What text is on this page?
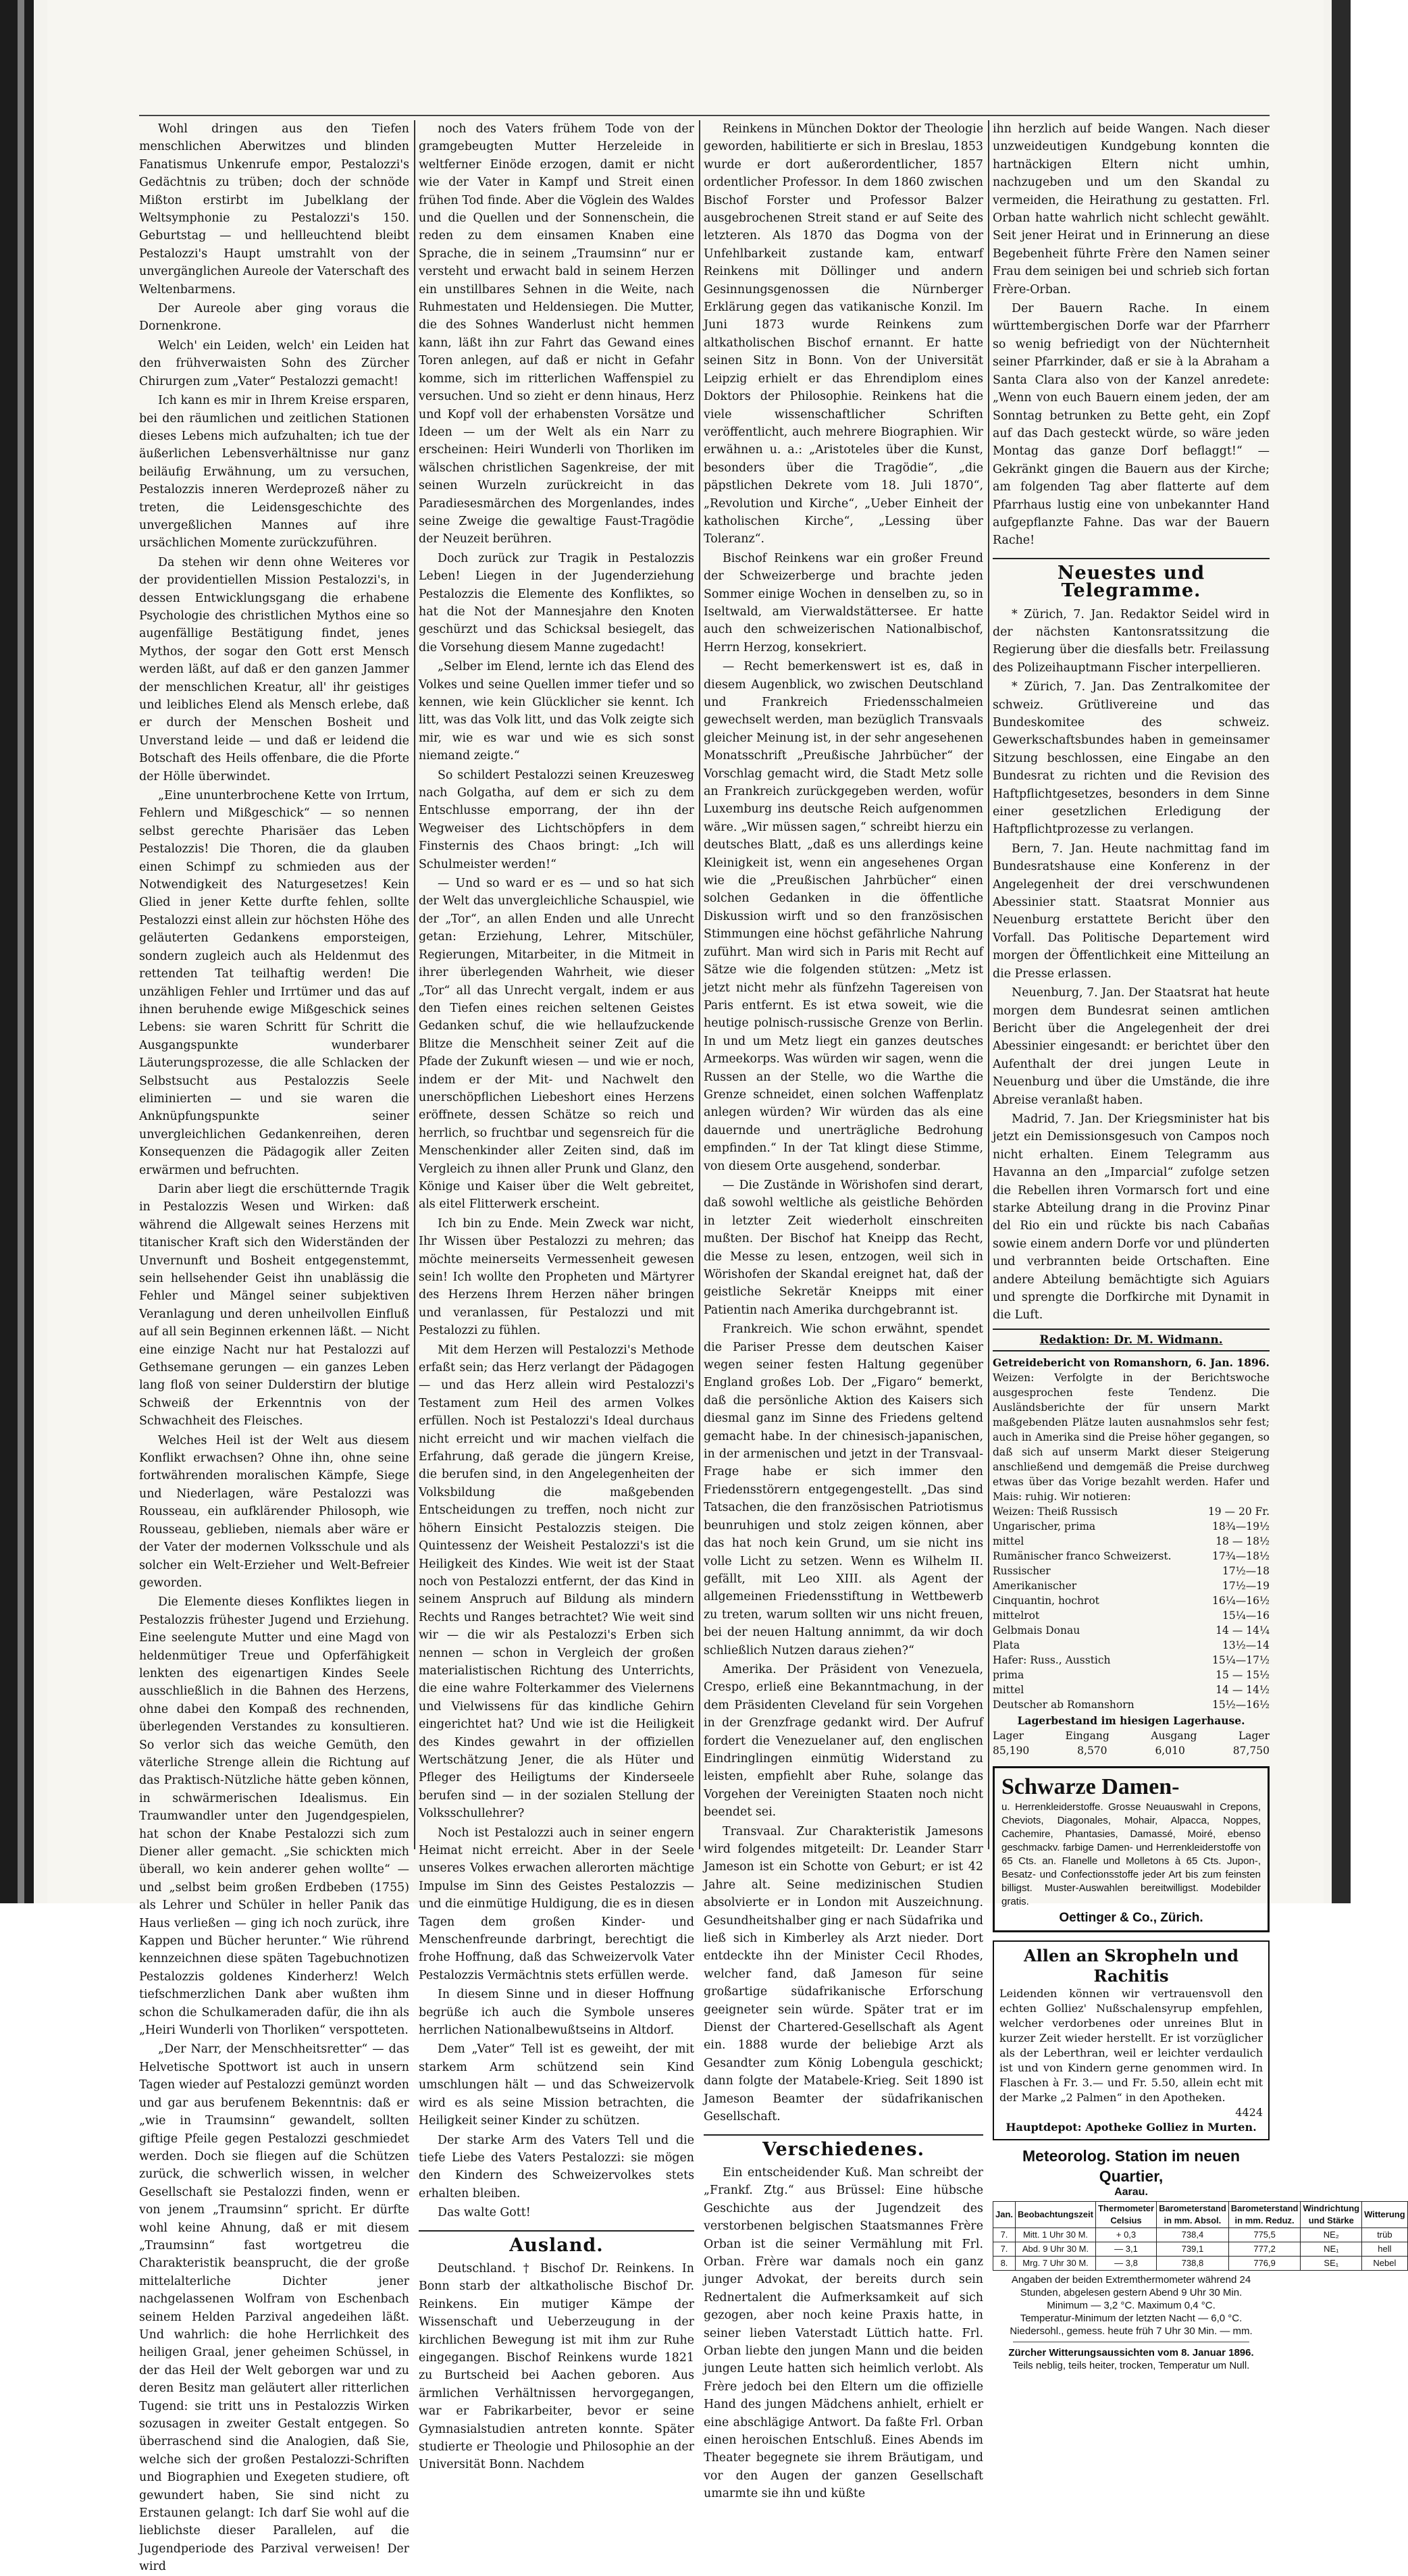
Wohl dringen aus den Tiefen menschlichen Aberwitzes und blinden Fanatismus Unkenrufe empor, Pestalozzi's Gedächtnis zu trüben; doch der schnöde Mißton erstirbt im Jubelklang der Weltsymphonie zu Pestalozzi's 150. Geburtstag — und hellleuchtend bleibt Pestalozzi's Haupt umstrahlt von der unvergänglichen Aureole der Vaterschaft des Weltenbarmens.

Der Aureole aber ging voraus die Dornenkrone.

Welch' ein Leiden, welch' ein Leiden hat den frühverwaisten Sohn des Zürcher Chirurgen zum „Vater“ Pestalozzi gemacht!

Ich kann es mir in Ihrem Kreise ersparen, bei den räumlichen und zeitlichen Stationen dieses Lebens mich aufzuhalten; ich tue der äußerlichen Lebensverhältnisse nur ganz beiläufig Erwähnung, um zu versuchen, Pestalozzis inneren Werdeprozeß näher zu treten, die Leidensgeschichte des unvergeßlichen Mannes auf ihre ursächlichen Momente zurückzuführen.

Da stehen wir denn ohne Weiteres vor der providentiellen Mission Pestalozzi's, in dessen Entwicklungsgang die erhabene Psychologie des christlichen Mythos eine so augenfällige Bestätigung findet, jenes Mythos, der sogar den Gott erst Mensch werden läßt, auf daß er den ganzen Jammer der menschlichen Kreatur, all' ihr geistiges und leibliches Elend als Mensch erlebe, daß er durch der Menschen Bosheit und Unverstand leide — und daß er leidend die Botschaft des Heils offenbare, die die Pforte der Hölle überwindet.

„Eine ununterbrochene Kette von Irrtum, Fehlern und Mißgeschick“ — so nennen selbst gerechte Pharisäer das Leben Pestalozzis! Die Thoren, die da glauben einen Schimpf zu schmieden aus der Notwendigkeit des Naturgesetzes! Kein Glied in jener Kette durfte fehlen, sollte Pestalozzi einst allein zur höchsten Höhe des geläuterten Gedankens emporsteigen, sondern zugleich auch als Heldenmut des rettenden Tat teilhaftig werden! Die unzähligen Fehler und Irrtümer und das auf ihnen beruhende ewige Mißgeschick seines Lebens: sie waren Schritt für Schritt die Ausgangspunkte wunderbarer Läuterungsprozesse, die alle Schlacken der Selbstsucht aus Pestalozzis Seele eliminierten — und sie waren die Anknüpfungspunkte seiner unvergleichlichen Gedankenreihen, deren Konsequenzen die Pädagogik aller Zeiten erwärmen und befruchten.

Darin aber liegt die erschütternde Tragik in Pestalozzis Wesen und Wirken: daß während die Allgewalt seines Herzens mit titanischer Kraft sich den Widerständen der Unvernunft und Bosheit entgegenstemmt, sein hellsehender Geist ihn unablässig die Fehler und Mängel seiner subjektiven Veranlagung und deren unheilvollen Einfluß auf all sein Beginnen erkennen läßt. — Nicht eine einzige Nacht nur hat Pestalozzi auf Gethsemane gerungen — ein ganzes Leben lang floß von seiner Dulderstirn der blutige Schweiß der Erkenntnis von der Schwachheit des Fleisches.

Welches Heil ist der Welt aus diesem Konflikt erwachsen? Ohne ihn, ohne seine fortwährenden moralischen Kämpfe, Siege und Niederlagen, wäre Pestalozzi was Rousseau, ein aufklärender Philosoph, wie Rousseau, geblieben, niemals aber wäre er der Vater der modernen Volksschule und als solcher ein Welt-Erzieher und Welt-Befreier geworden.

Die Elemente dieses Konfliktes liegen in Pestalozzis frühester Jugend und Erziehung. Eine seelengute Mutter und eine Magd von heldenmütiger Treue und Opferfähigkeit lenkten des eigenartigen Kindes Seele ausschließlich in die Bahnen des Herzens, ohne dabei den Kompaß des rechnenden, überlegenden Verstandes zu konsultieren. So verlor sich das weiche Gemüth, den väterliche Strenge allein die Richtung auf das Praktisch-Nützliche hätte geben können, in schwärmerischen Idealismus. Ein Traumwandler unter den Jugendgespielen, hat schon der Knabe Pestalozzi sich zum Diener aller gemacht. „Sie schickten mich überall, wo kein anderer gehen wollte“ — und „selbst beim großen Erdbeben (1755) als Lehrer und Schüler in heller Panik das Haus verließen — ging ich noch zurück, ihre Kappen und Bücher herunter.“ Wie rührend kennzeichnen diese späten Tagebuchnotizen Pestalozzis goldenes Kinderherz! Welch tiefschmerzlichen Dank aber wußten ihm schon die Schulkameraden dafür, die ihn als „Heiri Wunderli von Thorliken“ verspotteten.

„Der Narr, der Menschheitsretter“ — das Helvetische Spottwort ist auch in unsern Tagen wieder auf Pestalozzi gemünzt worden und gar aus berufenem Bekenntnis: daß er „wie in Traumsinn“ gewandelt, sollten giftige Pfeile gegen Pestalozzi geschmiedet werden. Doch sie fliegen auf die Schützen zurück, die schwerlich wissen, in welcher Gesellschaft sie Pestalozzi finden, wenn er von jenem „Traumsinn“ spricht. Er dürfte wohl keine Ahnung, daß er mit diesem „Traumsinn“ fast wortgetreu die Charakteristik beansprucht, die der große mittelalterliche Dichter jener nachgelassenen Wolfram von Eschenbach seinem Helden Parzival angedeihen läßt. Und wahrlich: die hohe Herrlichkeit des heiligen Graal, jener geheimen Schüssel, in der das Heil der Welt geborgen war und zu deren Besitz man geläutert aller ritterlichen Tugend: sie tritt uns in Pestalozzis Wirken sozusagen in zweiter Gestalt entgegen. So überraschend sind die Analogien, daß Sie, welche sich der großen Pestalozzi-Schriften und Biographien und Exegeten studiere, oft gewundert haben, Sie sind nicht zu Erstaunen gelangt: Ich darf Sie wohl auf die lieblichste dieser Parallelen, auf die Jugendperiode des Parzival verweisen! Der wird

noch des Vaters frühem Tode von der gramgebeugten Mutter Herzeleide in weltferner Einöde erzogen, damit er nicht wie der Vater in Kampf und Streit einen frühen Tod finde. Aber die Vöglein des Waldes und die Quellen und der Sonnenschein, die reden zu dem einsamen Knaben eine Sprache, die in seinem „Traumsinn“ nur er versteht und erwacht bald in seinem Herzen ein unstillbares Sehnen in die Weite, nach Ruhmestaten und Heldensiegen. Die Mutter, die des Sohnes Wanderlust nicht hemmen kann, läßt ihn zur Fahrt das Gewand eines Toren anlegen, auf daß er nicht in Gefahr komme, sich im ritterlichen Waffenspiel zu versuchen. Und so zieht er denn hinaus, Herz und Kopf voll der erhabensten Vorsätze und Ideen — um der Welt als ein Narr zu erscheinen: Heiri Wunderli von Thorliken im wälschen christlichen Sagenkreise, der mit seinen Wurzeln zurückreicht in das Paradiesesmärchen des Morgenlandes, indes seine Zweige die gewaltige Faust-Tragödie der Neuzeit berühren.

Doch zurück zur Tragik in Pestalozzis Leben! Liegen in der Jugenderziehung Pestalozzis die Elemente des Konfliktes, so hat die Not der Mannesjahre den Knoten geschürzt und das Schicksal besiegelt, das die Vorsehung diesem Manne zugedacht!

„Selber im Elend, lernte ich das Elend des Volkes und seine Quellen immer tiefer und so kennen, wie kein Glücklicher sie kennt. Ich litt, was das Volk litt, und das Volk zeigte sich mir, wie es war und wie es sich sonst niemand zeigte.“

So schildert Pestalozzi seinen Kreuzesweg nach Golgatha, auf dem er sich zu dem Entschlusse emporrang, der ihn der Wegweiser des Lichtschöpfers in dem Finsternis des Chaos bringt: „Ich will Schulmeister werden!“

— Und so ward er es — und so hat sich der Welt das unvergleichliche Schauspiel, wie der „Tor“, an allen Enden und alle Unrecht getan: Erziehung, Lehrer, Mitschüler, Regierungen, Mitarbeiter, in die Mitmeit in ihrer überlegenden Wahrheit, wie dieser „Tor“ all das Unrecht vergalt, indem er aus den Tiefen eines reichen seltenen Geistes Gedanken schuf, die wie hellaufzuckende Blitze die Menschheit seiner Zeit auf die Pfade der Zukunft wiesen — und wie er noch, indem er der Mit- und Nachwelt den unerschöpflichen Liebeshort eines Herzens eröffnete, dessen Schätze so reich und herrlich, so fruchtbar und segensreich für die Menschenkinder aller Zeiten sind, daß im Vergleich zu ihnen aller Prunk und Glanz, den Könige und Kaiser über die Welt gebreitet, als eitel Flitterwerk erscheint.

Ich bin zu Ende. Mein Zweck war nicht, Ihr Wissen über Pestalozzi zu mehren; das möchte meinerseits Vermessenheit gewesen sein! Ich wollte den Propheten und Märtyrer des Herzens Ihrem Herzen näher bringen und veranlassen, für Pestalozzi und mit Pestalozzi zu fühlen.

Mit dem Herzen will Pestalozzi's Methode erfaßt sein; das Herz verlangt der Pädagogen — und das Herz allein wird Pestalozzi's Testament zum Heil des armen Volkes erfüllen. Noch ist Pestalozzi's Ideal durchaus nicht erreicht und wir machen vielfach die Erfahrung, daß gerade die jüngern Kreise, die berufen sind, in den Angelegenheiten der Volksbildung die maßgebenden Entscheidungen zu treffen, noch nicht zur höhern Einsicht Pestalozzis steigen. Die Quintessenz der Weisheit Pestalozzi's ist die Heiligkeit des Kindes. Wie weit ist der Staat noch von Pestalozzi entfernt, der das Kind in seinem Anspruch auf Bildung als mindern Rechts und Ranges betrachtet? Wie weit sind wir — die wir als Pestalozzi's Erben sich nennen — schon in Vergleich der großen materialistischen Richtung des Unterrichts, die eine wahre Folterkammer des Vielernens und Vielwissens für das kindliche Gehirn eingerichtet hat? Und wie ist die Heiligkeit des Kindes gewahrt in der offiziellen Wertschätzung Jener, die als Hüter und Pfleger des Heiligtums der Kinderseele berufen sind — in der sozialen Stellung der Volksschullehrer?

Noch ist Pestalozzi auch in seiner engern Heimat nicht erreicht. Aber in der Seele unseres Volkes erwachen allerorten mächtige Impulse im Sinn des Geistes Pestalozzis — und die einmütige Huldigung, die es in diesen Tagen dem großen Kinder- und Menschenfreunde darbringt, berechtigt die frohe Hoffnung, daß das Schweizervolk Vater Pestalozzis Vermächtnis stets erfüllen werde.

In diesem Sinne und in dieser Hoffnung begrüße ich auch die Symbole unseres herrlichen Nationalbewußtseins in Altdorf.

Dem „Vater“ Tell ist es geweiht, der mit starkem Arm schützend sein Kind umschlungen hält — und das Schweizervolk wird es als seine Mission betrachten, die Heiligkeit seiner Kinder zu schützen.

Der starke Arm des Vaters Tell und die tiefe Liebe des Vaters Pestalozzi: sie mögen den Kindern des Schweizervolkes stets erhalten bleiben.

Das walte Gott!

Ausland.

Deutschland. † Bischof Dr. Reinkens. In Bonn starb der altkatholische Bischof Dr. Reinkens. Ein mutiger Kämpe der Wissenschaft und Ueberzeugung in der kirchlichen Bewegung ist mit ihm zur Ruhe eingegangen. Bischof Reinkens wurde 1821 zu Burtscheid bei Aachen geboren. Aus ärmlichen Verhältnissen hervorgegangen, war er Fabrikarbeiter, bevor er seine Gymnasialstudien antreten konnte. Später studierte er Theologie und Philosophie an der Universität Bonn. Nachdem

Reinkens in München Doktor der Theologie geworden, habilitierte er sich in Breslau, 1853 wurde er dort außerordentlicher, 1857 ordentlicher Professor. In dem 1860 zwischen Bischof Forster und Professor Balzer ausgebrochenen Streit stand er auf Seite des letzteren. Als 1870 das Dogma von der Unfehlbarkeit zustande kam, entwarf Reinkens mit Döllinger und andern Gesinnungsgenossen die Nürnberger Erklärung gegen das vatikanische Konzil. Im Juni 1873 wurde Reinkens zum altkatholischen Bischof ernannt. Er hatte seinen Sitz in Bonn. Von der Universität Leipzig erhielt er das Ehrendiplom eines Doktors der Philosophie. Reinkens hat die viele wissenschaftlicher Schriften veröffentlicht, auch mehrere Biographien. Wir erwähnen u. a.: „Aristoteles über die Kunst, besonders über die Tragödie“, „die päpstlichen Dekrete vom 18. Juli 1870“, „Revolution und Kirche“, „Ueber Einheit der katholischen Kirche“, „Lessing über Toleranz“.

Bischof Reinkens war ein großer Freund der Schweizerberge und brachte jeden Sommer einige Wochen in denselben zu, so in Iseltwald, am Vierwaldstättersee. Er hatte auch den schweizerischen Nationalbischof, Herrn Herzog, konsekriert.

— Recht bemerkenswert ist es, daß in diesem Augenblick, wo zwischen Deutschland und Frankreich Friedensschalmeien gewechselt werden, man bezüglich Transvaals gleicher Meinung ist, in der sehr angesehenen Monatsschrift „Preußische Jahrbücher“ der Vorschlag gemacht wird, die Stadt Metz solle an Frankreich zurückgegeben werden, wofür Luxemburg ins deutsche Reich aufgenommen wäre. „Wir müssen sagen,“ schreibt hierzu ein deutsches Blatt, „daß es uns allerdings keine Kleinigkeit ist, wenn ein angesehenes Organ wie die „Preußischen Jahrbücher“ einen solchen Gedanken in die öffentliche Diskussion wirft und so den französischen Stimmungen eine höchst gefährliche Nahrung zuführt. Man wird sich in Paris mit Recht auf Sätze wie die folgenden stützen: „Metz ist jetzt nicht mehr als fünfzehn Tagereisen von Paris entfernt. Es ist etwa soweit, wie die heutige polnisch-russische Grenze von Berlin. In und um Metz liegt ein ganzes deutsches Armeekorps. Was würden wir sagen, wenn die Russen an der Stelle, wo die Warthe die Grenze schneidet, einen solchen Waffenplatz anlegen würden? Wir würden das als eine dauernde und unerträgliche Bedrohung empfinden.“ In der Tat klingt diese Stimme, von diesem Orte ausgehend, sonderbar.

— Die Zustände in Wörishofen sind derart, daß sowohl weltliche als geistliche Behörden in letzter Zeit wiederholt einschreiten mußten. Der Bischof hat Kneipp das Recht, die Messe zu lesen, entzogen, weil sich in Wörishofen der Skandal ereignet hat, daß der geistliche Sekretär Kneipps mit einer Patientin nach Amerika durchgebrannt ist.

Frankreich. Wie schon erwähnt, spendet die Pariser Presse dem deutschen Kaiser wegen seiner festen Haltung gegenüber England großes Lob. Der „Figaro“ bemerkt, daß die persönliche Aktion des Kaisers sich diesmal ganz im Sinne des Friedens geltend gemacht habe. In der chinesisch-japanischen, in der armenischen und jetzt in der Transvaal-Frage habe er sich immer den Friedensstörern entgegengestellt. „Das sind Tatsachen, die den französischen Patriotismus beunruhigen und stolz zeigen können, aber das hat noch kein Grund, um sie nicht ins volle Licht zu setzen. Wenn es Wilhelm II. gefällt, mit Leo XIII. als Agent der allgemeinen Friedensstiftung in Wettbewerb zu treten, warum sollten wir uns nicht freuen, bei der neuen Haltung annimmt, da wir doch schließlich Nutzen daraus ziehen?“

Amerika. Der Präsident von Venezuela, Crespo, erließ eine Bekanntmachung, in der dem Präsidenten Cleveland für sein Vorgehen in der Grenzfrage gedankt wird. Der Aufruf fordert die Venezuelaner auf, den englischen Eindringlingen einmütig Widerstand zu leisten, empfiehlt aber Ruhe, solange das Vorgehen der Vereinigten Staaten noch nicht beendet sei.

Transvaal. Zur Charakteristik Jamesons wird folgendes mitgeteilt: Dr. Leander Starr Jameson ist ein Schotte von Geburt; er ist 42 Jahre alt. Seine medizinischen Studien absolvierte er in London mit Auszeichnung. Gesundheitshalber ging er nach Südafrika und ließ sich in Kimberley als Arzt nieder. Dort entdeckte ihn der Minister Cecil Rhodes, welcher fand, daß Jameson für seine großartige südafrikanische Erforschung geeigneter sein würde. Später trat er im Dienst der Chartered-Gesellschaft als Agent ein. 1888 wurde der beliebige Arzt als Gesandter zum König Lobengula geschickt; dann folgte der Matabele-Krieg. Seit 1890 ist Jameson Beamter der südafrikanischen Gesellschaft.

Verschiedenes.

Ein entscheidender Kuß. Man schreibt der „Frankf. Ztg.“ aus Brüssel: Eine hübsche Geschichte aus der Jugendzeit des verstorbenen belgischen Staatsmannes Frère Orban ist die seiner Vermählung mit Frl. Orban. Frère war damals noch ein ganz junger Advokat, der bereits durch sein Rednertalent die Aufmerksamkeit auf sich gezogen, aber noch keine Praxis hatte, in seiner lieben Vaterstadt Lüttich hatte. Frl. Orban liebte den jungen Mann und die beiden jungen Leute hatten sich heimlich verlobt. Als Frère jedoch bei den Eltern um die offizielle Hand des jungen Mädchens anhielt, erhielt er eine abschlägige Antwort. Da faßte Frl. Orban einen heroischen Entschluß. Eines Abends im Theater begegnete sie ihrem Bräutigam, und vor den Augen der ganzen Gesellschaft umarmte sie ihn und küßte

ihn herzlich auf beide Wangen. Nach dieser unzweideutigen Kundgebung konnten die hartnäckigen Eltern nicht umhin, nachzugeben und um den Skandal zu vermeiden, die Heirathung zu gestatten. Frl. Orban hatte wahrlich nicht schlecht gewählt. Seit jener Heirat und in Erinnerung an diese Begebenheit führte Frère den Namen seiner Frau dem seinigen bei und schrieb sich fortan Frère-Orban.

Der Bauern Rache. In einem württembergischen Dorfe war der Pfarrherr so wenig befriedigt von der Nüchternheit seiner Pfarrkinder, daß er sie à la Abraham a Santa Clara also von der Kanzel anredete: „Wenn von euch Bauern einem jeden, der am Sonntag betrunken zu Bette geht, ein Zopf auf das Dach gesteckt würde, so wäre jeden Montag das ganze Dorf beflaggt!“ — Gekränkt gingen die Bauern aus der Kirche; am folgenden Tag aber flatterte auf dem Pfarrhaus lustig eine von unbekannter Hand aufgepflanzte Fahne. Das war der Bauern Rache!

Neuestes und Telegramme.

* Zürich, 7. Jan. Redaktor Seidel wird in der nächsten Kantonsratssitzung die Regierung über die diesfalls betr. Freilassung des Polizeihauptmann Fischer interpellieren.

* Zürich, 7. Jan. Das Zentralkomitee der schweiz. Grütlivereine und das Bundeskomitee des schweiz. Gewerkschaftsbundes haben in gemeinsamer Sitzung beschlossen, eine Eingabe an den Bundesrat zu richten und die Revision des Haftpflichtgesetzes, besonders in dem Sinne einer gesetzlichen Erledigung der Haftpflichtprozesse zu verlangen.

Bern, 7. Jan. Heute nachmittag fand im Bundesratshause eine Konferenz in der Angelegenheit der drei verschwundenen Abessinier statt. Staatsrat Monnier aus Neuenburg erstattete Bericht über den Vorfall. Das Politische Departement wird morgen der Öffentlichkeit eine Mitteilung an die Presse erlassen.

Neuenburg, 7. Jan. Der Staatsrat hat heute morgen dem Bundesrat seinen amtlichen Bericht über die Angelegenheit der drei Abessinier eingesandt: er berichtet über den Aufenthalt der drei jungen Leute in Neuenburg und über die Umstände, die ihre Abreise veranlaßt haben.

Madrid, 7. Jan. Der Kriegsminister hat bis jetzt ein Demissionsgesuch von Campos noch nicht erhalten. Einem Telegramm aus Havanna an den „Imparcial“ zufolge setzen die Rebellen ihren Vormarsch fort und eine starke Abteilung drang in die Provinz Pinar del Rio ein und rückte bis nach Cabañas sowie einem andern Dorfe vor und plünderten und verbrannten beide Ortschaften. Eine andere Abteilung bemächtigte sich Aguiars und sprengte die Dorfkirche mit Dynamit in die Luft.

Redaktion: Dr. M. Widmann.
Getreidebericht von Romanshorn, 6. Jan. 1896.
Weizen: Verfolgte in der Berichtswoche ausgesprochen feste Tendenz. Die Ausländsberichte der für unsern Markt maßgebenden Plätze lauten ausnahmslos sehr fest; auch in Amerika sind die Preise höher gegangen, so daß sich auf unserm Markt dieser Steigerung anschließend und demgemäß die Preise durchweg etwas über das Vorige bezahlt werden. Hafer und Mais: ruhig. Wir notieren:
Weizen: Theiß Russisch	19 — 20 Fr.
Ungarischer, prima	18¾—19½
mittel	18 — 18½
Rumänischer franco Schweizerst.	17¾—18½
Russischer	17½—18
Amerikanischer	17½—19
Cinquantin, hochrot	16¼—16½
mittelrot	15¼—16
Gelbmais Donau	14 — 14¼
Plata	13½—14
Hafer: Russ., Ausstich	15¼—17½
prima	15 — 15½
mittel	14 — 14½
Deutscher ab Romanshorn	15½—16½
Lagerbestand im hiesigen Lagerhause.
Lager	Eingang	Ausgang	Lager
85,190	8,570	6,010	87,750
Schwarze Damen-
u. Herrenkleiderstoffe. Grosse Neuauswahl in Crepons, Cheviots, Diagonales, Mohair, Alpacca, Noppes, Cachemire, Phantasies, Damassé, Moiré, ebenso geschmackv. farbige Damen- und Herrenkleiderstoffe von 65 Cts. an. Flanelle und Molletons à 65 Cts. Jupon-, Besatz- und Confectionsstoffe jeder Art bis zum feinsten billigst. Muster-Auswahlen bereitwilligst. Modebilder gratis.
Oettinger & Co., Zürich.
Allen an Skropheln und Rachitis
Leidenden können wir vertrauensvoll den echten Golliez' Nußschalensyrup empfehlen, welcher verdorbenes oder unreines Blut in kurzer Zeit wieder herstellt. Er ist vorzüglicher als der Leberthran, weil er leichter verdaulich ist und von Kindern gerne genommen wird. In Flaschen à Fr. 3.— und Fr. 5.50, allein echt mit der Marke „2 Palmen“ in den Apotheken.
4424
Hauptdepot: Apotheke Golliez in Murten.
Meteorolog. Station im neuen Quartier,
Aarau.
Jan.	Beobachtungszeit	Thermometer Celsius	Barometerstand in mm. Absol.	Barometerstand in mm. Reduz.	Windrichtung und Stärke	Witterung
7.	Mitt. 1 Uhr 30 M.	+ 0,3	738,4	775,5	NE₂	trüb
7.	Abd. 9 Uhr 30 M.	— 3,1	739,1	777,2	NE₁	hell
8.	Mrg. 7 Uhr 30 M.	— 3,8	738,8	776,9	SE₁	Nebel
Angaben der beiden Extremthermometer während 24 Stunden, abgelesen gestern Abend 9 Uhr 30 Min.
Minimum — 3,2 °C. Maximum 0,4 °C.
Temperatur-Minimum der letzten Nacht — 6,0 °C.
Niedersohl., gemess. heute früh 7 Uhr 30 Min. — mm.
Zürcher Witterungsaussichten vom 8. Januar 1896.
Teils neblig, teils heiter, trocken, Temperatur um Null.
